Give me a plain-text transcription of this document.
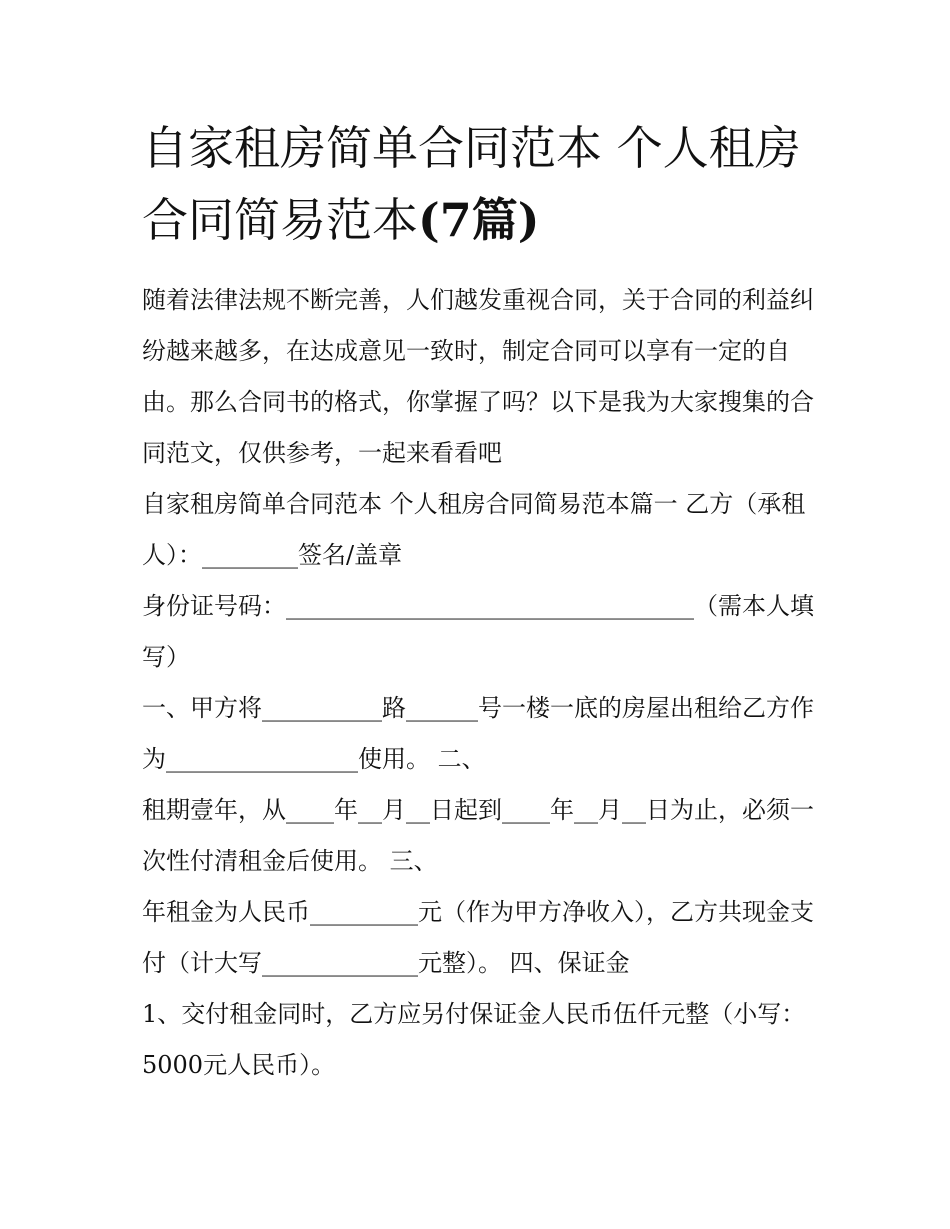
自家租房简单合同范本 个人租房合同简易范本(7篇)

随着法律法规不断完善，人们越发重视合同，关于合同的利益纠纷越来越多，在达成意见一致时，制定合同可以享有一定的自由。那么合同书的格式，你掌握了吗？以下是我为大家搜集的合同范文，仅供参考，一起来看看吧

自家租房简单合同范本 个人租房合同简易范本篇一 乙方（承租人）：________签名/盖章

身份证号码：__________________________________（需本人填写）

一、甲方将__________路______号一楼一底的房屋出租给乙方作为________________使用。 二、

租期壹年，从____年__月__日起到____年__月__日为止，必须一次性付清租金后使用。 三、

年租金为人民币_________元（作为甲方净收入），乙方共现金支付（计大写_____________元整）。 四、保证金

1、交付租金同时，乙方应另付保证金人民币伍仟元整（小写：5000元人民币）。
